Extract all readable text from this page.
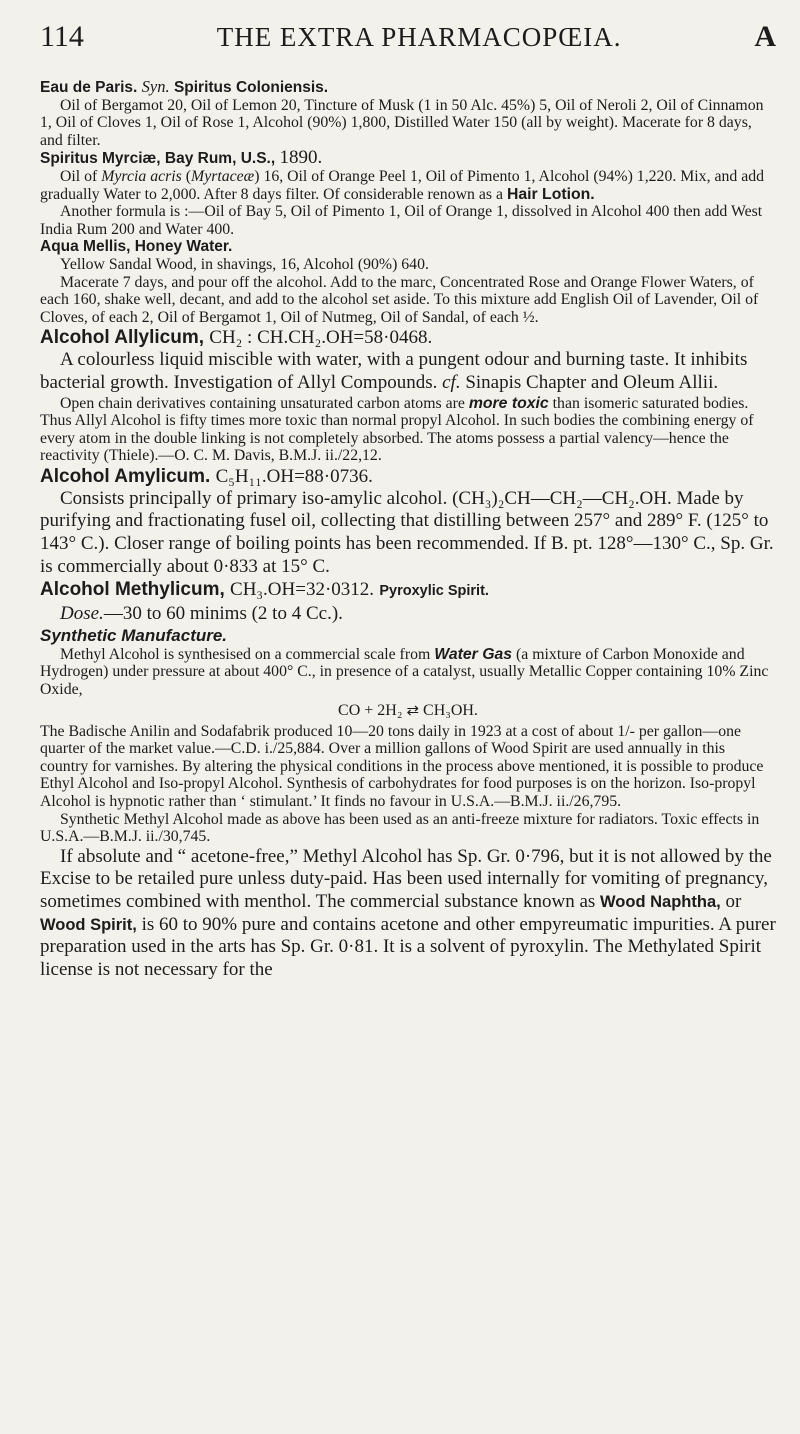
114	THE EXTRA PHARMACOPŒIA.	A

Eau de Paris. Syn. Spiritus Coloniensis.

Oil of Bergamot 20, Oil of Lemon 20, Tincture of Musk (1 in 50 Alc. 45%) 5, Oil of Neroli 2, Oil of Cinnamon 1, Oil of Cloves 1, Oil of Rose 1, Alcohol (90%) 1,800, Distilled Water 150 (all by weight). Macerate for 8 days, and filter.

Spiritus Myrciæ, Bay Rum, U.S., 1890.

Oil of Myrcia acris (Myrtaceæ) 16, Oil of Orange Peel 1, Oil of Pimento 1, Alcohol (94%) 1,220. Mix, and add gradually Water to 2,000. After 8 days filter. Of considerable renown as a Hair Lotion.

Another formula is :—Oil of Bay 5, Oil of Pimento 1, Oil of Orange 1, dissolved in Alcohol 400 then add West India Rum 200 and Water 400.

Aqua Mellis, Honey Water.

Yellow Sandal Wood, in shavings, 16, Alcohol (90%) 640.

Macerate 7 days, and pour off the alcohol. Add to the marc, Concentrated Rose and Orange Flower Waters, of each 160, shake well, decant, and add to the alcohol set aside. To this mixture add English Oil of Lavender, Oil of Cloves, of each 2, Oil of Bergamot 1, Oil of Nutmeg, Oil of Sandal, of each ½.

Alcohol Allylicum, CH₂ : CH.CH₂.OH=58·0468.

A colourless liquid miscible with water, with a pungent odour and burning taste. It inhibits bacterial growth. Investigation of Allyl Compounds. cf. Sinapis Chapter and Oleum Allii.

Open chain derivatives containing unsaturated carbon atoms are more toxic than isomeric saturated bodies. Thus Allyl Alcohol is fifty times more toxic than normal propyl Alcohol. In such bodies the combining energy of every atom in the double linking is not completely absorbed. The atoms possess a partial valency—hence the reactivity (Thiele).—O. C. M. Davis, B.M.J. ii./22,12.

Alcohol Amylicum. C₅H₁₁.OH=88·0736.

Consists principally of primary iso-amylic alcohol. (CH₃)₂CH—CH₂—CH₂.OH. Made by purifying and fractionating fusel oil, collecting that distilling between 257° and 289° F. (125° to 143° C.). Closer range of boiling points has been recommended. If B. pt. 128°—130° C., Sp. Gr. is commercially about 0·833 at 15° C.

Alcohol Methylicum, CH₃.OH=32·0312. Pyroxylic Spirit.

Dose.—30 to 60 minims (2 to 4 Cc.).

Synthetic Manufacture.

Methyl Alcohol is synthesised on a commercial scale from Water Gas (a mixture of Carbon Monoxide and Hydrogen) under pressure at about 400° C., in presence of a catalyst, usually Metallic Copper containing 10% Zinc Oxide,

CO + 2H₂ ⇄ CH₃OH.

The Badische Anilin and Sodafabrik produced 10—20 tons daily in 1923 at a cost of about 1/- per gallon—one quarter of the market value.—C.D. i./25,884. Over a million gallons of Wood Spirit are used annually in this country for varnishes. By altering the physical conditions in the process above mentioned, it is possible to produce Ethyl Alcohol and Iso-propyl Alcohol. Synthesis of carbohydrates for food purposes is on the horizon. Iso-propyl Alcohol is hypnotic rather than ‘ stimulant.’ It finds no favour in U.S.A.—B.M.J. ii./26,795.

Synthetic Methyl Alcohol made as above has been used as an anti-freeze mixture for radiators. Toxic effects in U.S.A.—B.M.J. ii./30,745.

If absolute and “ acetone-free,” Methyl Alcohol has Sp. Gr. 0·796, but it is not allowed by the Excise to be retailed pure unless duty-paid. Has been used internally for vomiting of pregnancy, sometimes combined with menthol. The commercial substance known as Wood Naphtha, or Wood Spirit, is 60 to 90% pure and contains acetone and other empyreumatic impurities. A purer preparation used in the arts has Sp. Gr. 0·81. It is a solvent of pyroxylin. The Methylated Spirit license is not necessary for the
